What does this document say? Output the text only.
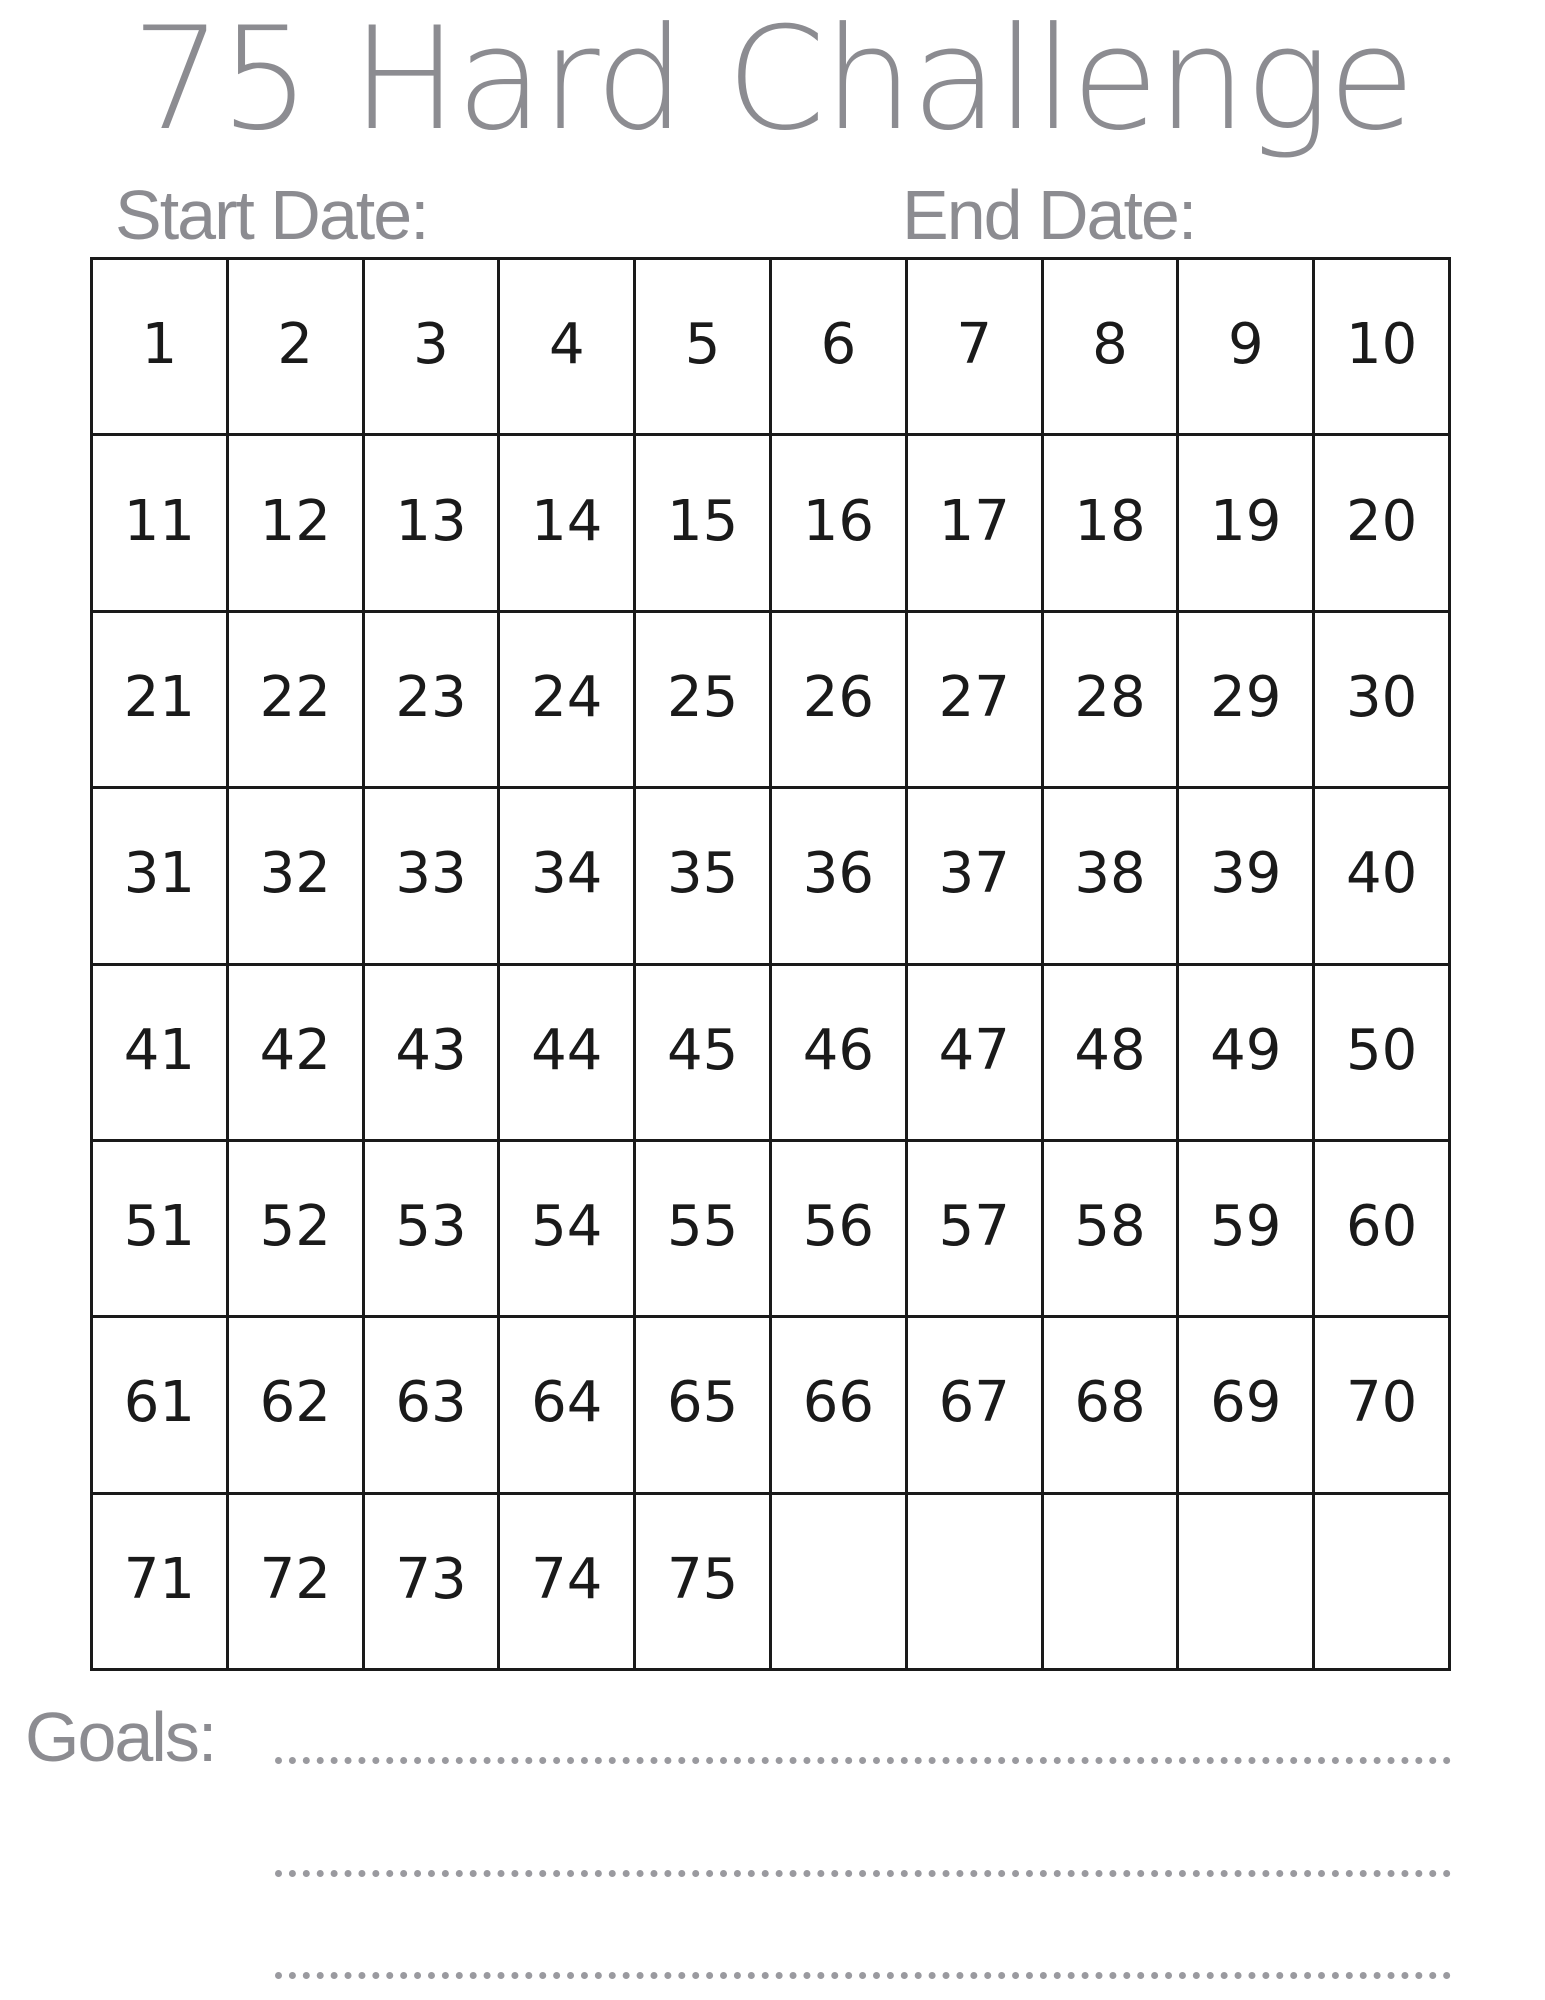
75 Hard Challenge
Start Date:	End Date:
1	2	3	4	5	6	7	8	9	10
11	12	13	14	15	16	17	18	19	20
21	22	23	24	25	26	27	28	29	30
31	32	33	34	35	36	37	38	39	40
41	42	43	44	45	46	47	48	49	50
51	52	53	54	55	56	57	58	59	60
61	62	63	64	65	66	67	68	69	70
71	72	73	74	75
Goals:
